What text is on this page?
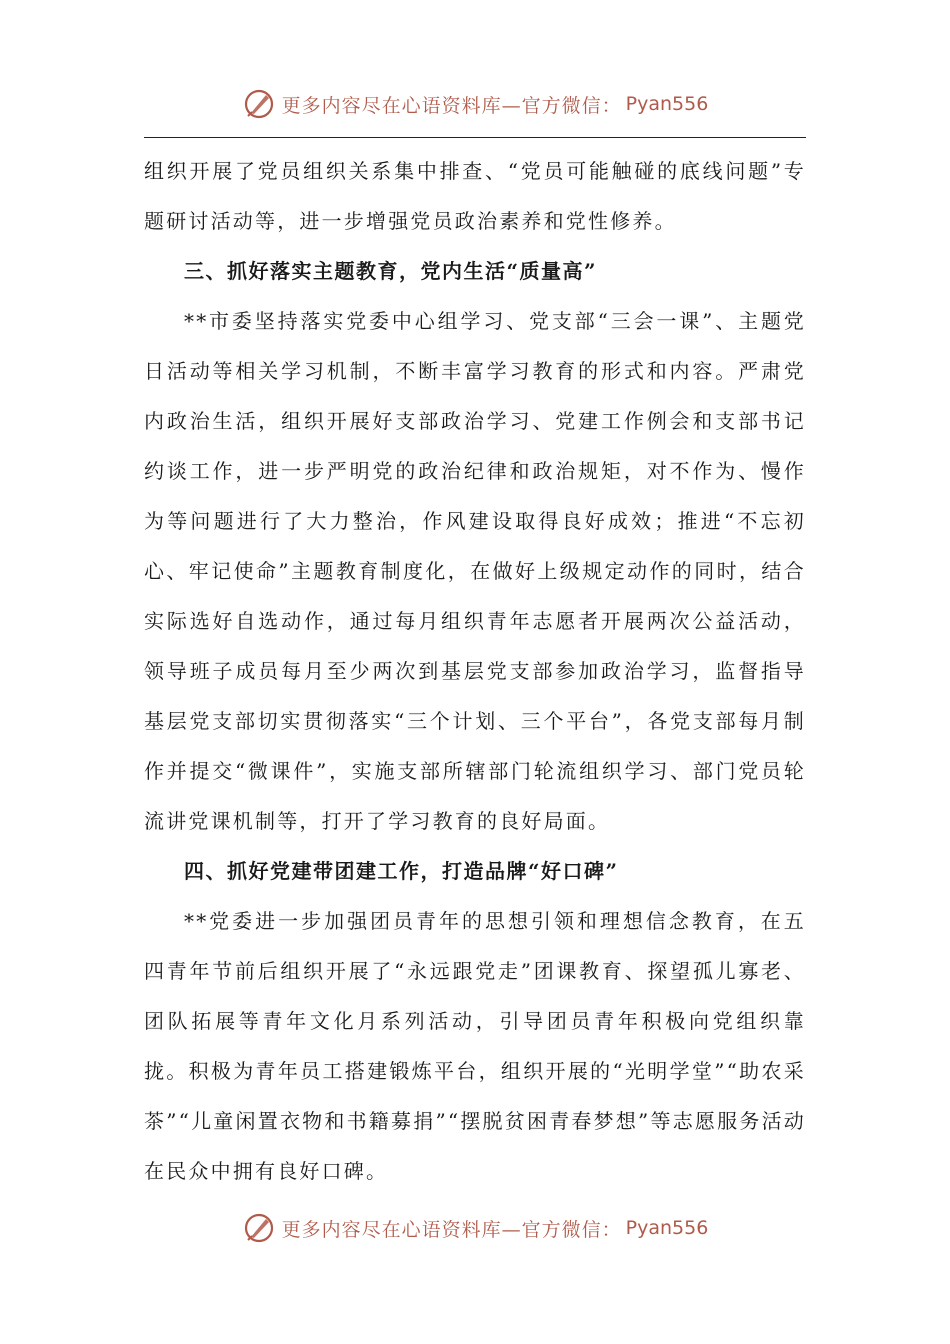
更多内容尽在心语资料库—官方微信： Pyan556

组织开展了党员组织关系集中排查、“党员可能触碰的底线问题”专题研讨活动等，进一步增强党员政治素养和党性修养。

三、抓好落实主题教育，党内生活“质量高”

**市委坚持落实党委中心组学习、党支部“三会一课”、主题党日活动等相关学习机制，不断丰富学习教育的形式和内容。严肃党内政治生活，组织开展好支部政治学习、党建工作例会和支部书记约谈工作，进一步严明党的政治纪律和政治规矩，对不作为、慢作为等问题进行了大力整治，作风建设取得良好成效；推进“不忘初心、牢记使命”主题教育制度化，在做好上级规定动作的同时，结合实际选好自选动作，通过每月组织青年志愿者开展两次公益活动，领导班子成员每月至少两次到基层党支部参加政治学习，监督指导基层党支部切实贯彻落实“三个计划、三个平台”，各党支部每月制作并提交“微课件”，实施支部所辖部门轮流组织学习、部门党员轮流讲党课机制等，打开了学习教育的良好局面。

四、抓好党建带团建工作，打造品牌“好口碑”

**党委进一步加强团员青年的思想引领和理想信念教育，在五四青年节前后组织开展了“永远跟党走”团课教育、探望孤儿寡老、团队拓展等青年文化月系列活动，引导团员青年积极向党组织靠拢。积极为青年员工搭建锻炼平台，组织开展的“光明学堂”“助农采茶”“儿童闲置衣物和书籍募捐”“摆脱贫困青春梦想”等志愿服务活动在民众中拥有良好口碑。

更多内容尽在心语资料库—官方微信： Pyan556
